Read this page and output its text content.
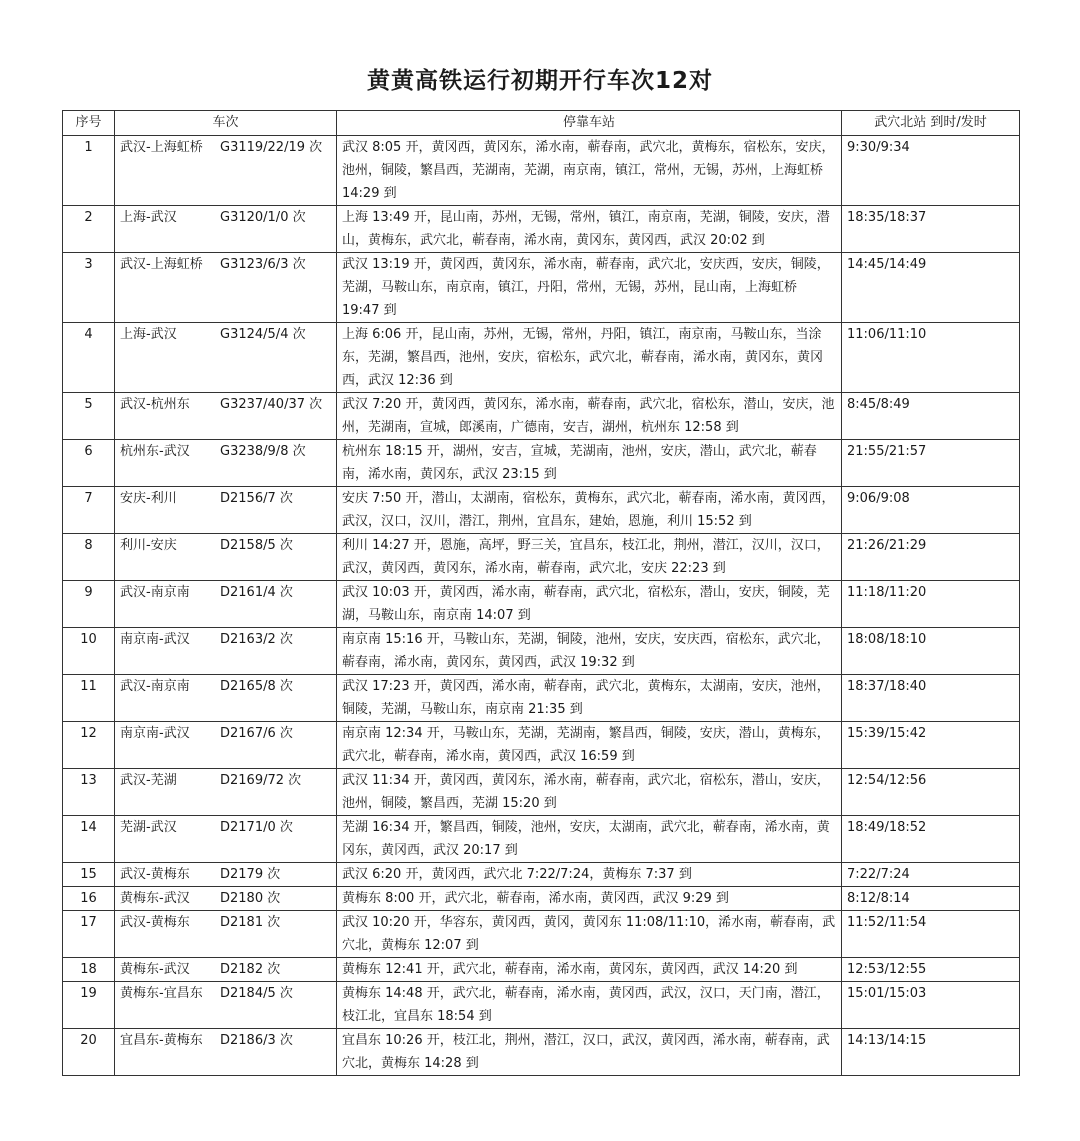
黄黄高铁运行初期开行车次12对
序号	车次	停靠车站	武穴北站 到时/发时
1	武汉-上海虹桥 G3119/22/19 次	武汉 8:05 开，黄冈西，黄冈东，浠水南，蕲春南，武穴北，黄梅东，宿松东，安庆，池州，铜陵，繁昌西，芜湖南，芜湖，南京南，镇江，常州，无锡，苏州，上海虹桥 14:29 到	9:30/9:34
2	上海-武汉 G3120/1/0 次	上海 13:49 开，昆山南，苏州，无锡，常州，镇江，南京南，芜湖，铜陵，安庆，潜山，黄梅东，武穴北，蕲春南，浠水南，黄冈东，黄冈西，武汉 20:02 到	18:35/18:37
3	武汉-上海虹桥 G3123/6/3 次	武汉 13:19 开，黄冈西，黄冈东，浠水南，蕲春南，武穴北，安庆西，安庆，铜陵，芜湖，马鞍山东，南京南，镇江，丹阳，常州，无锡，苏州，昆山南，上海虹桥 19:47 到	14:45/14:49
4	上海-武汉 G3124/5/4 次	上海 6:06 开，昆山南，苏州，无锡，常州，丹阳，镇江，南京南，马鞍山东，当涂东，芜湖，繁昌西，池州，安庆，宿松东，武穴北，蕲春南，浠水南，黄冈东，黄冈西，武汉 12:36 到	11:06/11:10
5	武汉-杭州东 G3237/40/37 次	武汉 7:20 开，黄冈西，黄冈东，浠水南，蕲春南，武穴北，宿松东，潜山，安庆，池州，芜湖南，宣城，郎溪南，广德南，安吉，湖州，杭州东 12:58 到	8:45/8:49
6	杭州东-武汉 G3238/9/8 次	杭州东 18:15 开，湖州，安吉，宣城，芜湖南，池州，安庆，潜山，武穴北，蕲春南，浠水南，黄冈东，武汉 23:15 到	21:55/21:57
7	安庆-利川 D2156/7 次	安庆 7:50 开，潜山，太湖南，宿松东，黄梅东，武穴北，蕲春南，浠水南，黄冈西，武汉，汉口，汉川，潜江，荆州，宜昌东，建始，恩施，利川 15:52 到	9:06/9:08
8	利川-安庆 D2158/5 次	利川 14:27 开，恩施，高坪，野三关，宜昌东，枝江北，荆州，潜江，汉川，汉口，武汉，黄冈西，黄冈东，浠水南，蕲春南，武穴北，安庆 22:23 到	21:26/21:29
9	武汉-南京南 D2161/4 次	武汉 10:03 开，黄冈西，浠水南，蕲春南，武穴北，宿松东，潜山，安庆，铜陵，芜湖，马鞍山东，南京南 14:07 到	11:18/11:20
10	南京南-武汉 D2163/2 次	南京南 15:16 开，马鞍山东，芜湖，铜陵，池州，安庆，安庆西，宿松东，武穴北，蕲春南，浠水南，黄冈东，黄冈西，武汉 19:32 到	18:08/18:10
11	武汉-南京南 D2165/8 次	武汉 17:23 开，黄冈西，浠水南，蕲春南，武穴北，黄梅东，太湖南，安庆，池州，铜陵，芜湖，马鞍山东，南京南 21:35 到	18:37/18:40
12	南京南-武汉 D2167/6 次	南京南 12:34 开，马鞍山东，芜湖，芜湖南，繁昌西，铜陵，安庆，潜山，黄梅东，武穴北，蕲春南，浠水南，黄冈西，武汉 16:59 到	15:39/15:42
13	武汉-芜湖 D2169/72 次	武汉 11:34 开，黄冈西，黄冈东，浠水南，蕲春南，武穴北，宿松东，潜山，安庆，池州，铜陵，繁昌西，芜湖 15:20 到	12:54/12:56
14	芜湖-武汉 D2171/0 次	芜湖 16:34 开，繁昌西，铜陵，池州，安庆，太湖南，武穴北，蕲春南，浠水南，黄冈东，黄冈西，武汉 20:17 到	18:49/18:52
15	武汉-黄梅东 D2179 次	武汉 6:20 开，黄冈西，武穴北 7:22/7:24，黄梅东 7:37 到	7:22/7:24
16	黄梅东-武汉 D2180 次	黄梅东 8:00 开，武穴北，蕲春南，浠水南，黄冈西，武汉 9:29 到	8:12/8:14
17	武汉-黄梅东 D2181 次	武汉 10:20 开，华容东，黄冈西，黄冈，黄冈东 11:08/11:10，浠水南，蕲春南，武穴北，黄梅东 12:07 到	11:52/11:54
18	黄梅东-武汉 D2182 次	黄梅东 12:41 开，武穴北，蕲春南，浠水南，黄冈东，黄冈西，武汉 14:20 到	12:53/12:55
19	黄梅东-宜昌东 D2184/5 次	黄梅东 14:48 开，武穴北，蕲春南，浠水南，黄冈西，武汉，汉口，天门南，潜江，枝江北，宜昌东 18:54 到	15:01/15:03
20	宜昌东-黄梅东 D2186/3 次	宜昌东 10:26 开，枝江北，荆州，潜江，汉口，武汉，黄冈西，浠水南，蕲春南，武穴北，黄梅东 14:28 到	14:13/14:15
